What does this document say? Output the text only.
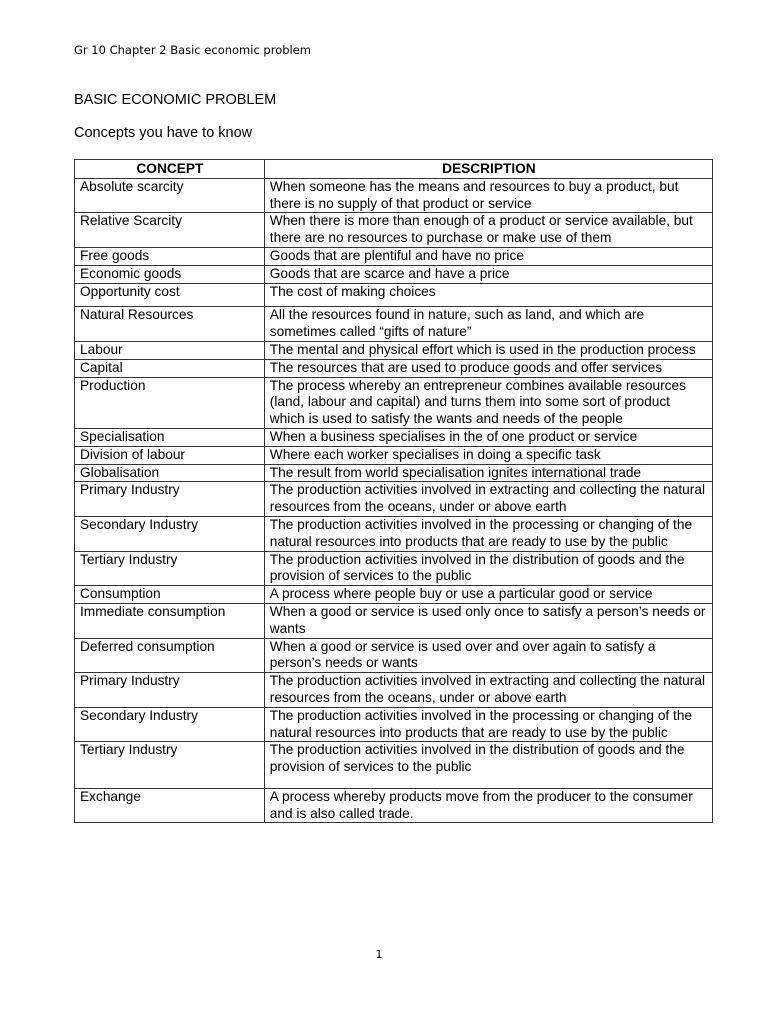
Gr 10 Chapter 2 Basic economic problem
BASIC ECONOMIC PROBLEM
Concepts you have to know
CONCEPT	DESCRIPTION
Absolute scarcity	When someone has the means and resources to buy a product, but there is no supply of that product or service
Relative Scarcity	When there is more than enough of a product or service available, but there are no resources to purchase or make use of them
Free goods	Goods that are plentiful and have no price
Economic goods	Goods that are scarce and have a price
Opportunity cost	The cost of making choices
Natural Resources	All the resources found in nature, such as land, and which are sometimes called “gifts of nature”
Labour	The mental and physical effort which is used in the production process
Capital	The resources that are used to produce goods and offer services
Production	The process whereby an entrepreneur combines available resources (land, labour and capital) and turns them into some sort of product which is used to satisfy the wants and needs of the people
Specialisation	When a business specialises in the of one product or service
Division of labour	Where each worker specialises in doing a specific task
Globalisation	The result from world specialisation ignites international trade
Primary Industry	The production activities involved in extracting and collecting the natural resources from the oceans, under or above earth
Secondary Industry	The production activities involved in the processing or changing of the natural resources into products that are ready to use by the public
Tertiary Industry	The production activities involved in the distribution of goods and the provision of services to the public
Consumption	A process where people buy or use a particular good or service
Immediate consumption	When a good or service is used only once to satisfy a person’s needs or wants
Deferred consumption	When a good or service is used over and over again to satisfy a person’s needs or wants
Primary Industry	The production activities involved in extracting and collecting the natural resources from the oceans, under or above earth
Secondary Industry	The production activities involved in the processing or changing of the natural resources into products that are ready to use by the public
Tertiary Industry	The production activities involved in the distribution of goods and the provision of services to the public
Exchange	A process whereby products move from the producer to the consumer and is also called trade.
1
